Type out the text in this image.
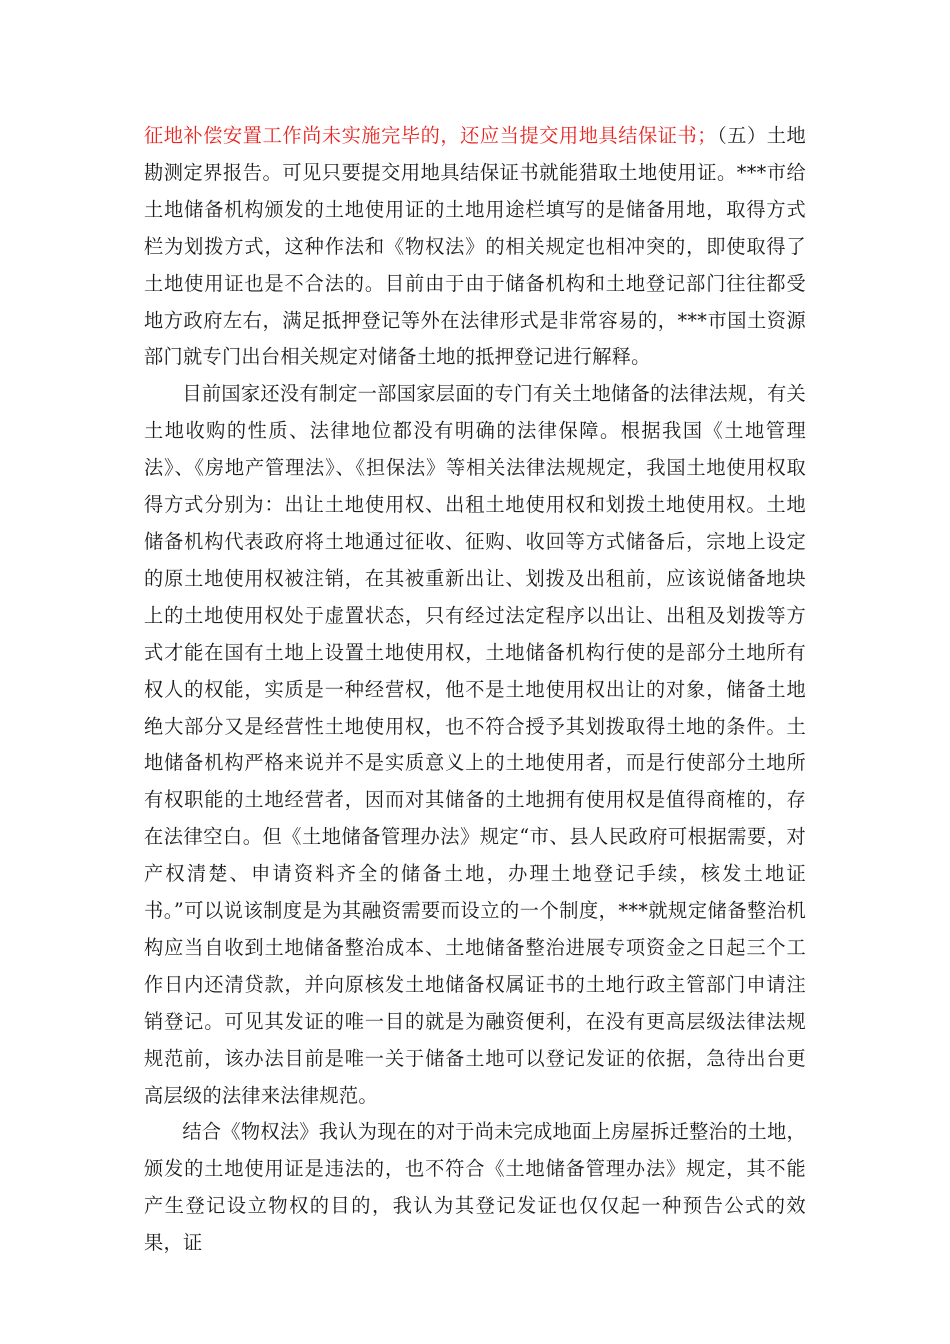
征地补偿安置工作尚未实施完毕的，还应当提交用地具结保证书；（五）土地勘测定界报告。可见只要提交用地具结保证书就能猎取土地使用证。***市给土地储备机构颁发的土地使用证的土地用途栏填写的是储备用地，取得方式栏为划拨方式，这种作法和《物权法》的相关规定也相冲突的，即使取得了土地使用证也是不合法的。目前由于由于储备机构和土地登记部门往往都受地方政府左右，满足抵押登记等外在法律形式是非常容易的，***市国土资源部门就专门出台相关规定对储备土地的抵押登记进行解释。

目前国家还没有制定一部国家层面的专门有关土地储备的法律法规，有关土地收购的性质、法律地位都没有明确的法律保障。根据我国《土地管理法》、《房地产管理法》、《担保法》等相关法律法规规定，我国土地使用权取得方式分别为：出让土地使用权、出租土地使用权和划拨土地使用权。土地储备机构代表政府将土地通过征收、征购、收回等方式储备后，宗地上设定的原土地使用权被注销，在其被重新出让、划拨及出租前，应该说储备地块上的土地使用权处于虚置状态，只有经过法定程序以出让、出租及划拨等方式才能在国有土地上设置土地使用权，土地储备机构行使的是部分土地所有权人的权能，实质是一种经营权，他不是土地使用权出让的对象，储备土地绝大部分又是经营性土地使用权，也不符合授予其划拨取得土地的条件。土地储备机构严格来说并不是实质意义上的土地使用者，而是行使部分土地所有权职能的土地经营者，因而对其储备的土地拥有使用权是值得商榷的，存在法律空白。但《土地储备管理办法》规定“市、县人民政府可根据需要，对产权清楚、申请资料齐全的储备土地，办理土地登记手续，核发土地证书。”可以说该制度是为其融资需要而设立的一个制度，***就规定储备整治机构应当自收到土地储备整治成本、土地储备整治进展专项资金之日起三个工作日内还清贷款，并向原核发土地储备权属证书的土地行政主管部门申请注销登记。可见其发证的唯一目的就是为融资便利，在没有更高层级法律法规规范前，该办法目前是唯一关于储备土地可以登记发证的依据，急待出台更高层级的法律来法律规范。

结合《物权法》我认为现在的对于尚未完成地面上房屋拆迁整治的土地，颁发的土地使用证是违法的，也不符合《土地储备管理办法》规定，其不能产生登记设立物权的目的，我认为其登记发证也仅仅起一种预告公式的效果，证
